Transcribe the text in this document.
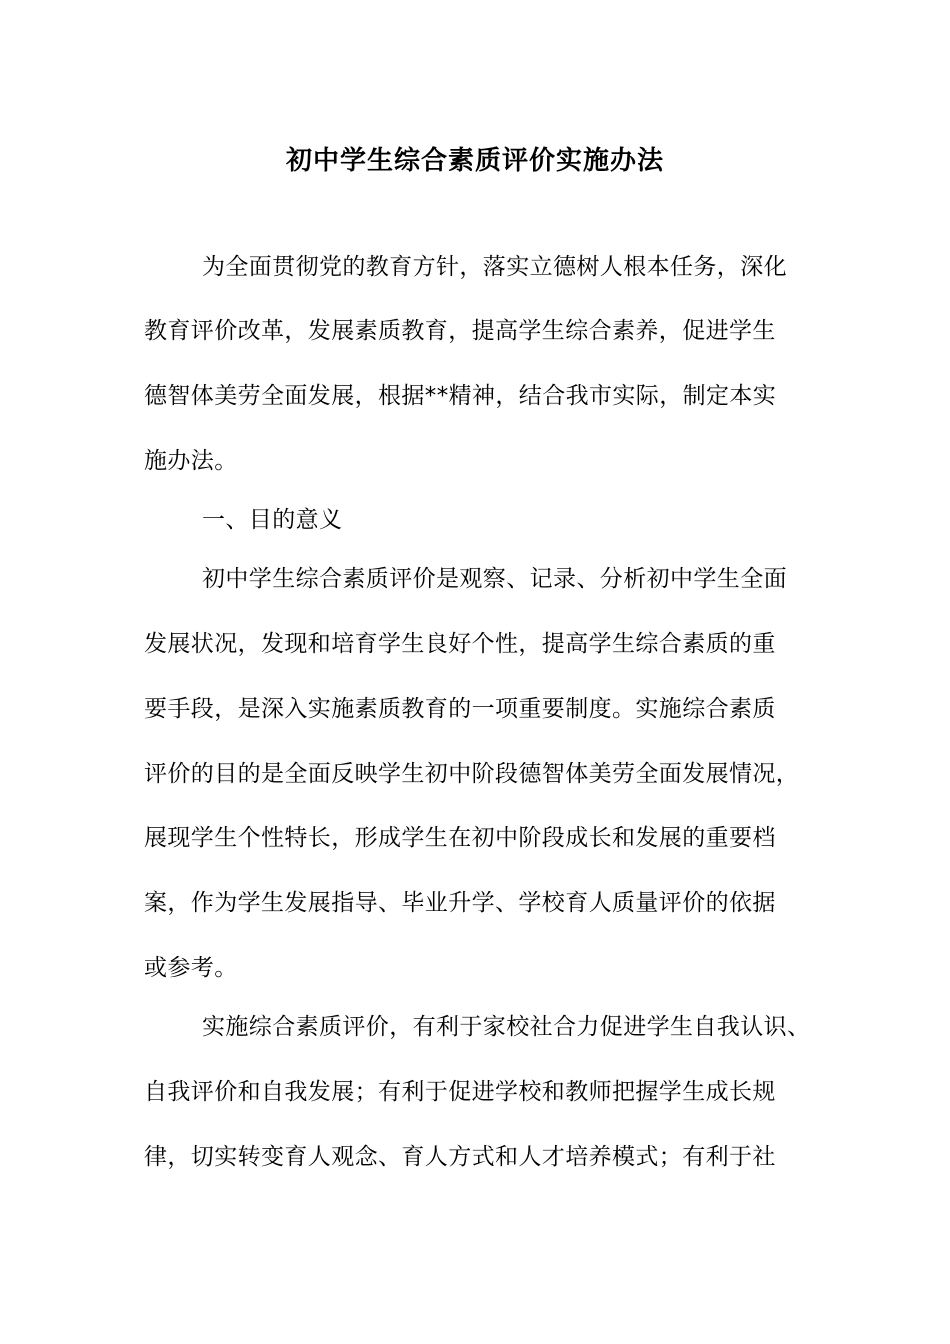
初中学生综合素质评价实施办法
为全面贯彻党的教育方针，落实立德树人根本任务，深化
教育评价改革，发展素质教育，提高学生综合素养，促进学生
德智体美劳全面发展，根据**精神，结合我市实际，制定本实
施办法。
一、目的意义
初中学生综合素质评价是观察、记录、分析初中学生全面
发展状况，发现和培育学生良好个性，提高学生综合素质的重
要手段，是深入实施素质教育的一项重要制度。实施综合素质
评价的目的是全面反映学生初中阶段德智体美劳全面发展情况，
展现学生个性特长，形成学生在初中阶段成长和发展的重要档
案，作为学生发展指导、毕业升学、学校育人质量评价的依据
或参考。
实施综合素质评价，有利于家校社合力促进学生自我认识、
自我评价和自我发展；有利于促进学校和教师把握学生成长规
律，切实转变育人观念、育人方式和人才培养模式；有利于社
